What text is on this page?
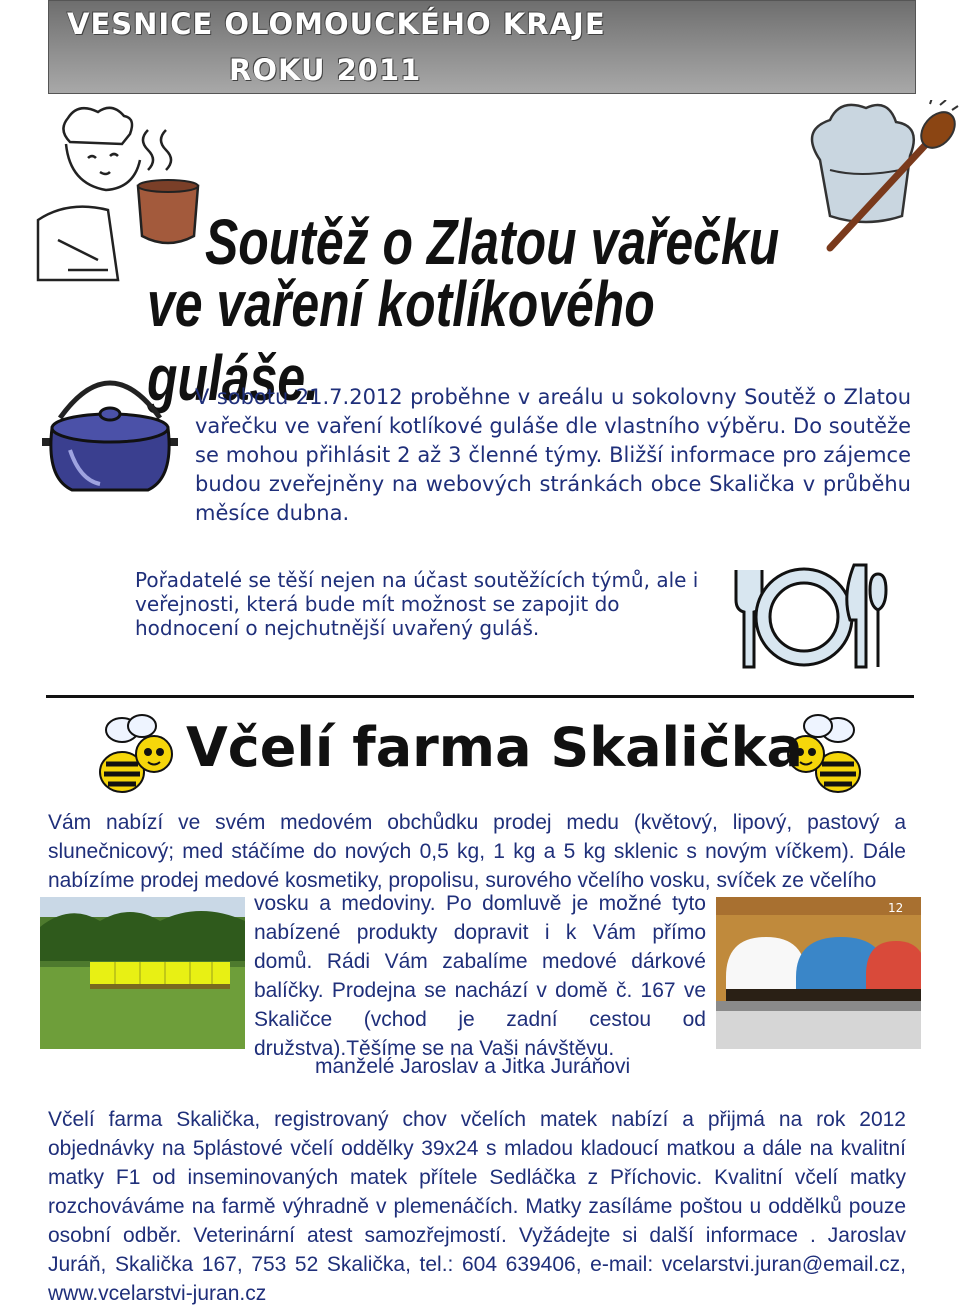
VESNICE OLOMOUCKÉHO KRAJE
ROKU 2011
Soutěž o Zlatou vařečku
ve vaření kotlíkového guláše.
V sobotu 21.7.2012 proběhne v areálu u sokolovny Soutěž o Zlatou vařečku ve vaření kotlíkové guláše dle vlastního výběru. Do soutěže se mohou přihlásit 2 až 3 členné týmy. Bližší informace pro zájemce budou zveřejněny na webových stránkách obce Skalička v průběhu měsíce dubna.
Pořadatelé se těší nejen na účast soutěžících týmů, ale i veřejnosti, která bude mít možnost se zapojit do hodnocení o nejchutnější uvařený guláš.
Včelí farma Skalička
Vám nabízí ve svém medovém obchůdku prodej medu (květový, lipový, pastový a slunečnicový; med stáčíme do nových 0,5 kg, 1 kg a 5 kg sklenic s novým víčkem). Dále nabízíme prodej medové kosmetiky, propolisu, surového včelího vosku, svíček ze včelího
vosku a medoviny. Po domluvě je možné tyto nabízené produkty dopravit i k Vám přímo domů. Rádi Vám zabalíme medové dárkové balíčky. Prodejna se nachází v domě č. 167 ve Skaličce (vchod je zadní cestou od družstva).Těšíme se na Vaši návštěvu.
12
manželé Jaroslav a Jitka Juráňovi
Včelí farma Skalička, registrovaný chov včelích matek nabízí a přijmá na rok 2012 objednávky na 5plástové včelí oddělky 39x24 s mladou kladoucí matkou a dále na kvalitní matky F1 od inseminovaných matek přítele Sedláčka z Příchovic. Kvalitní včelí matky rozchováváme na farmě výhradně v plemenáčích. Matky zasíláme poštou u oddělků pouze osobní odběr. Veterinární atest samozřejmostí. Vyžádejte si další informace . Jaroslav Juráň, Skalička 167, 753 52 Skalička, tel.: 604 639406, e-mail: vcelarstvi.juran@email.cz, www.vcelarstvi-juran.cz
